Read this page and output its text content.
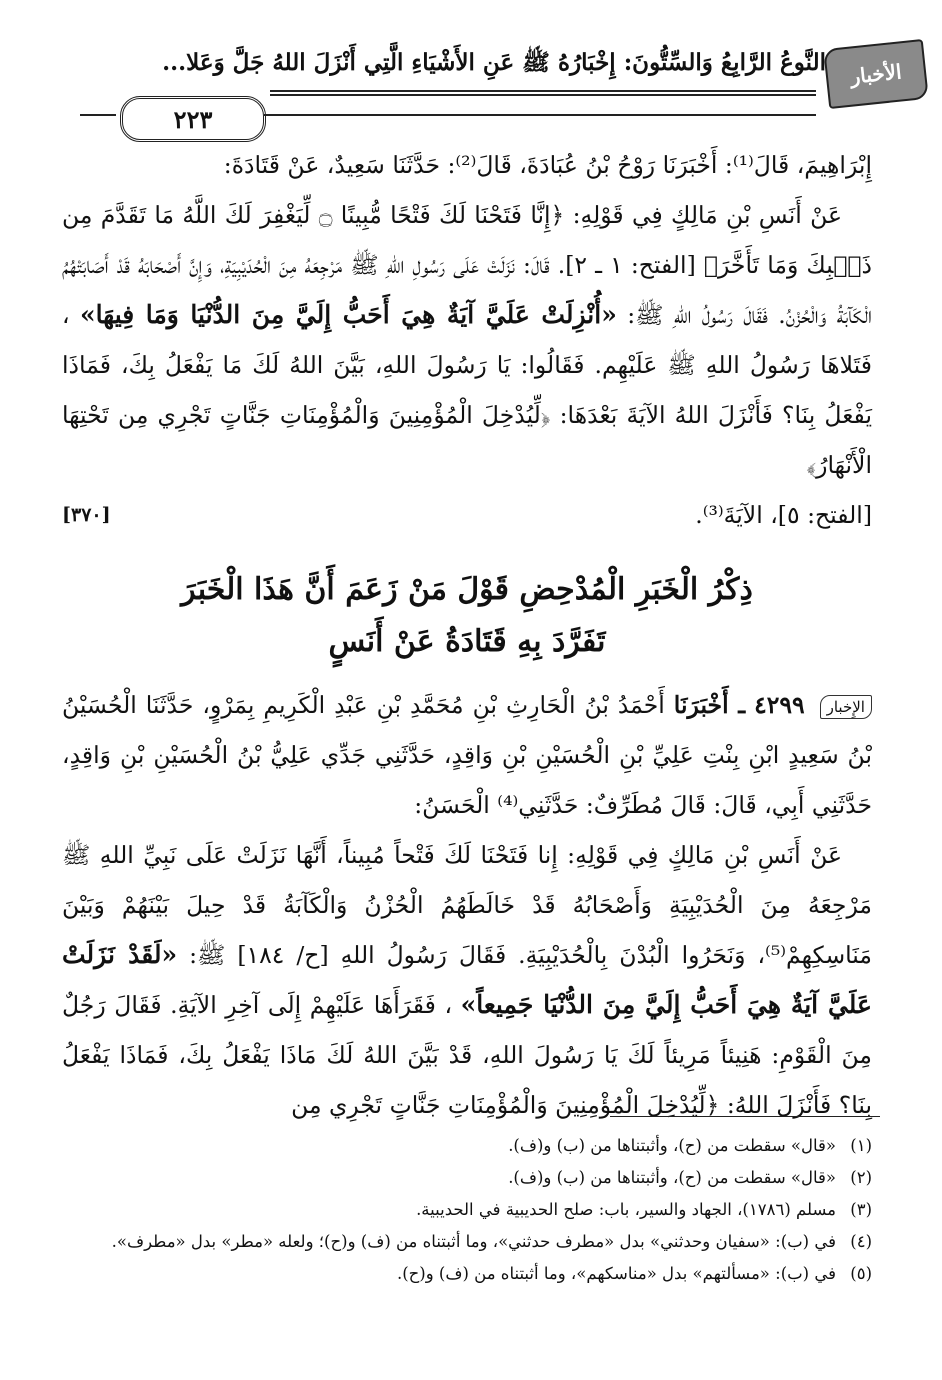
الأخبار
النَّوعُ الرَّابِعُ وَالسِّتُّونَ: إِخْبَارُهُ ﷺ عَنِ الأَشْيَاءِ الَّتِي أَنْزَلَ اللهُ جَلَّ وَعَلا...
٢٢٣

إِبْرَاهِيمَ، قَالَ⁽¹⁾: أَخْبَرَنَا رَوْحُ بْنُ عُبَادَةَ، قَالَ⁽²⁾: حَدَّثَنَا سَعِيدٌ، عَنْ قَتَادَةَ:

عَنْ أَنَسِ بْنِ مَالِكٍ فِي قَوْلِهِ: ﴿إِنَّا فَتَحْنَا لَكَ فَتْحًا مُّبِينًا ۝ لِّيَغْفِرَ لَكَ اللَّهُ مَا تَقَدَّمَ مِن ذَنۢبِكَ وَمَا تَأَخَّرَ﴾ [الفتح: ١ ـ ٢]. قَالَ: نَزَلَتْ عَلَى رَسُولِ اللهِ ﷺ مَرْجِعَهُ مِنَ الْحُدَيْبِيَةِ، وَإِنَّ أَصْحَابَهُ قَدْ أَصَابَتْهُمُ الْكَآبَةُ وَالْحُزْنُ. فَقَالَ رَسُولُ اللهِ ﷺ: «أُنْزِلَتْ عَلَيَّ آيَةٌ هِيَ أَحَبُّ إِلَيَّ مِنَ الدُّنْيَا وَمَا فِيهَا» ، فَتَلاهَا رَسُولُ اللهِ ﷺ عَلَيْهِم. فَقَالُوا: يَا رَسُولَ اللهِ، بَيَّنَ اللهُ لَكَ مَا يَفْعَلُ بِكَ، فَمَاذَا يَفْعَلُ بِنَا؟ فَأَنْزَلَ اللهُ الآيَةَ بَعْدَهَا: ﴿لِّيُدْخِلَ الْمُؤْمِنِينَ وَالْمُؤْمِنَاتِ جَنَّاتٍ تَجْرِي مِن تَحْتِهَا الْأَنْهَارُ﴾

[الفتح: ٥]، الآيَةَ⁽³⁾.
[٣٧٠]
ذِكْرُ الْخَبَرِ الْمُدْحِضِ قَوْلَ مَنْ زَعَمَ أَنَّ هَذَا الْخَبَرَ
تَفَرَّدَ بِهِ قَتَادَةُ عَنْ أَنَسٍ

الإِخبار ٤٢٩٩ ـ أَخْبَرَنَا أَحْمَدُ بْنُ الْحَارِثِ بْنِ مُحَمَّدِ بْنِ عَبْدِ الْكَرِيمِ بِمَرْوٍ، حَدَّثَنَا الْحُسَيْنُ بْنُ سَعِيدٍ ابْنِ بِنْتِ عَلِيِّ بْنِ الْحُسَيْنِ بْنِ وَاقِدٍ، حَدَّثَنِي جَدِّي عَلِيُّ بْنُ الْحُسَيْنِ بْنِ وَاقِدٍ، حَدَّثَنِي أَبِي، قَالَ: قَالَ مُطَرِّفٌ: حَدَّثَنِي⁽⁴⁾ الْحَسَنُ:

عَنْ أَنَسِ بْنِ مَالِكٍ فِي قَوْلِهِ: إِنا فَتَحْنَا لَكَ فَتْحاً مُبِيناً، أَنَّهَا نَزَلَتْ عَلَى نَبِيِّ اللهِ ﷺ مَرْجِعَهُ مِنَ الْحُدَيْبِيَةِ وَأَصْحَابُهُ قَدْ خَالَطَهُمُ الْحُزْنُ وَالْكَآبَةُ قَدْ حِيلَ بَيْنَهُمْ وَبَيْنَ مَنَاسِكِهِمْ⁽⁵⁾، وَنَحَرُوا الْبُدْنَ بِالْحُدَيْبِيَةِ. فَقَالَ رَسُولُ اللهِ [ح/ ١٨٤] ﷺ: «لَقَدْ نَزَلَتْ عَلَيَّ آيَةٌ هِيَ أَحَبُّ إِلَيَّ مِنَ الدُّنْيَا جَمِيعاً» ، فَقَرَأَهَا عَلَيْهِمْ إِلَى آخِرِ الآيَةِ. فَقَالَ رَجُلٌ مِنَ الْقَوْمِ: هَنِيئاً مَرِيئاً لَكَ يَا رَسُولَ اللهِ، قَدْ بَيَّنَ اللهُ لَكَ مَاذَا يَفْعَلُ بِكَ، فَمَاذَا يَفْعَلُ بِنَا؟ فَأَنْزَلَ اللهُ: ﴿لِّيُدْخِلَ الْمُؤْمِنِينَ وَالْمُؤْمِنَاتِ جَنَّاتٍ تَجْرِي مِن

(١)
«قال» سقطت من (ح)، وأثبتناها من (ب) و(ف).
(٢)
«قال» سقطت من (ح)، وأثبتناها من (ب) و(ف).
(٣)
مسلم (١٧٨٦)، الجهاد والسير، باب: صلح الحديبية في الحديبية.
(٤)
في (ب): «سفيان وحدثني» بدل «مطرف حدثني»، وما أثبتناه من (ف) و(ح)؛ ولعله «مطر» بدل «مطرف».
(٥)
في (ب): «مسألتهم» بدل «مناسكهم»، وما أثبتناه من (ف) و(ح).
